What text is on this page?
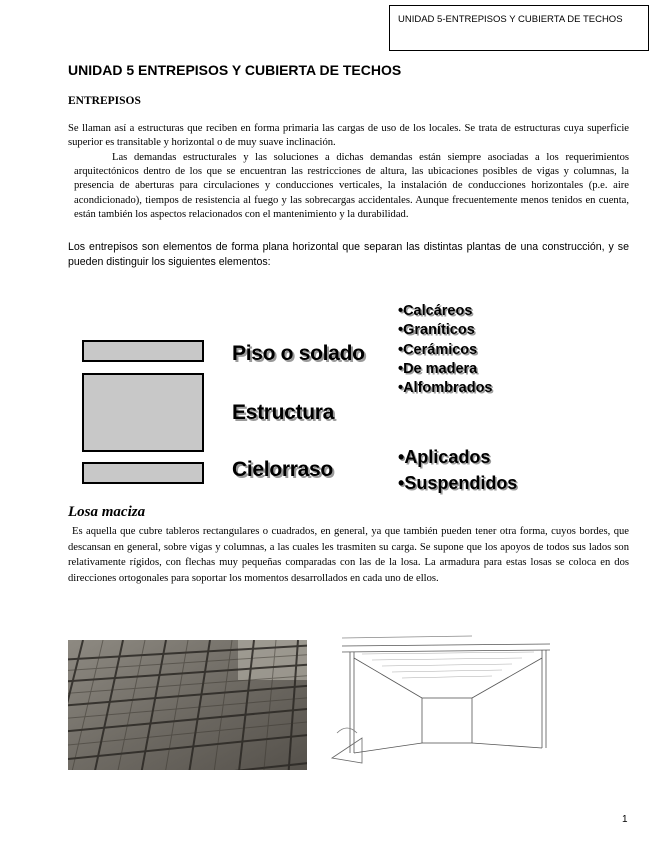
UNIDAD 5-ENTREPISOS Y CUBIERTA DE TECHOS
UNIDAD 5 ENTREPISOS Y CUBIERTA DE TECHOS
ENTREPISOS

Se llaman así a estructuras que reciben en forma primaria las cargas de uso de los locales. Se trata de estructuras cuya superficie superior es transitable y horizontal o de muy suave inclinación.

Las demandas estructurales y las soluciones a dichas demandas están siempre asociadas a los requerimientos arquitectónicos dentro de los que se encuentran las restricciones de altura, las ubicaciones posibles de vigas y columnas, la presencia de aberturas para circulaciones y conducciones verticales, la instalación de conducciones horizontales (p.e. aire acondicionado), tiempos de resistencia al fuego y las sobrecargas accidentales. Aunque frecuentemente menos tenidos en cuenta, están también los aspectos relacionados con el mantenimiento y la durabilidad.

Los entrepisos son elementos de forma plana horizontal que separan las distintas plantas de una construcción, y se pueden distinguir los siguientes elementos:

Piso o solado
Estructura
Cielorraso
• Calcáreos
• Graníticos
• Cerámicos
• De madera
• Alfombrados
• Aplicados
• Suspendidos
Losa maciza

Es aquella que cubre tableros rectangulares o cuadrados, en general, ya que también pueden tener otra forma, cuyos bordes, que descansan en general, sobre vigas y columnas, a las cuales les trasmiten su carga. Se supone que los apoyos de todos sus lados son relativamente rígidos, con flechas muy pequeñas comparadas con las de la losa. La armadura para estas losas se coloca en dos direcciones ortogonales para soportar los momentos desarrollados en cada uno de ellos.

1
